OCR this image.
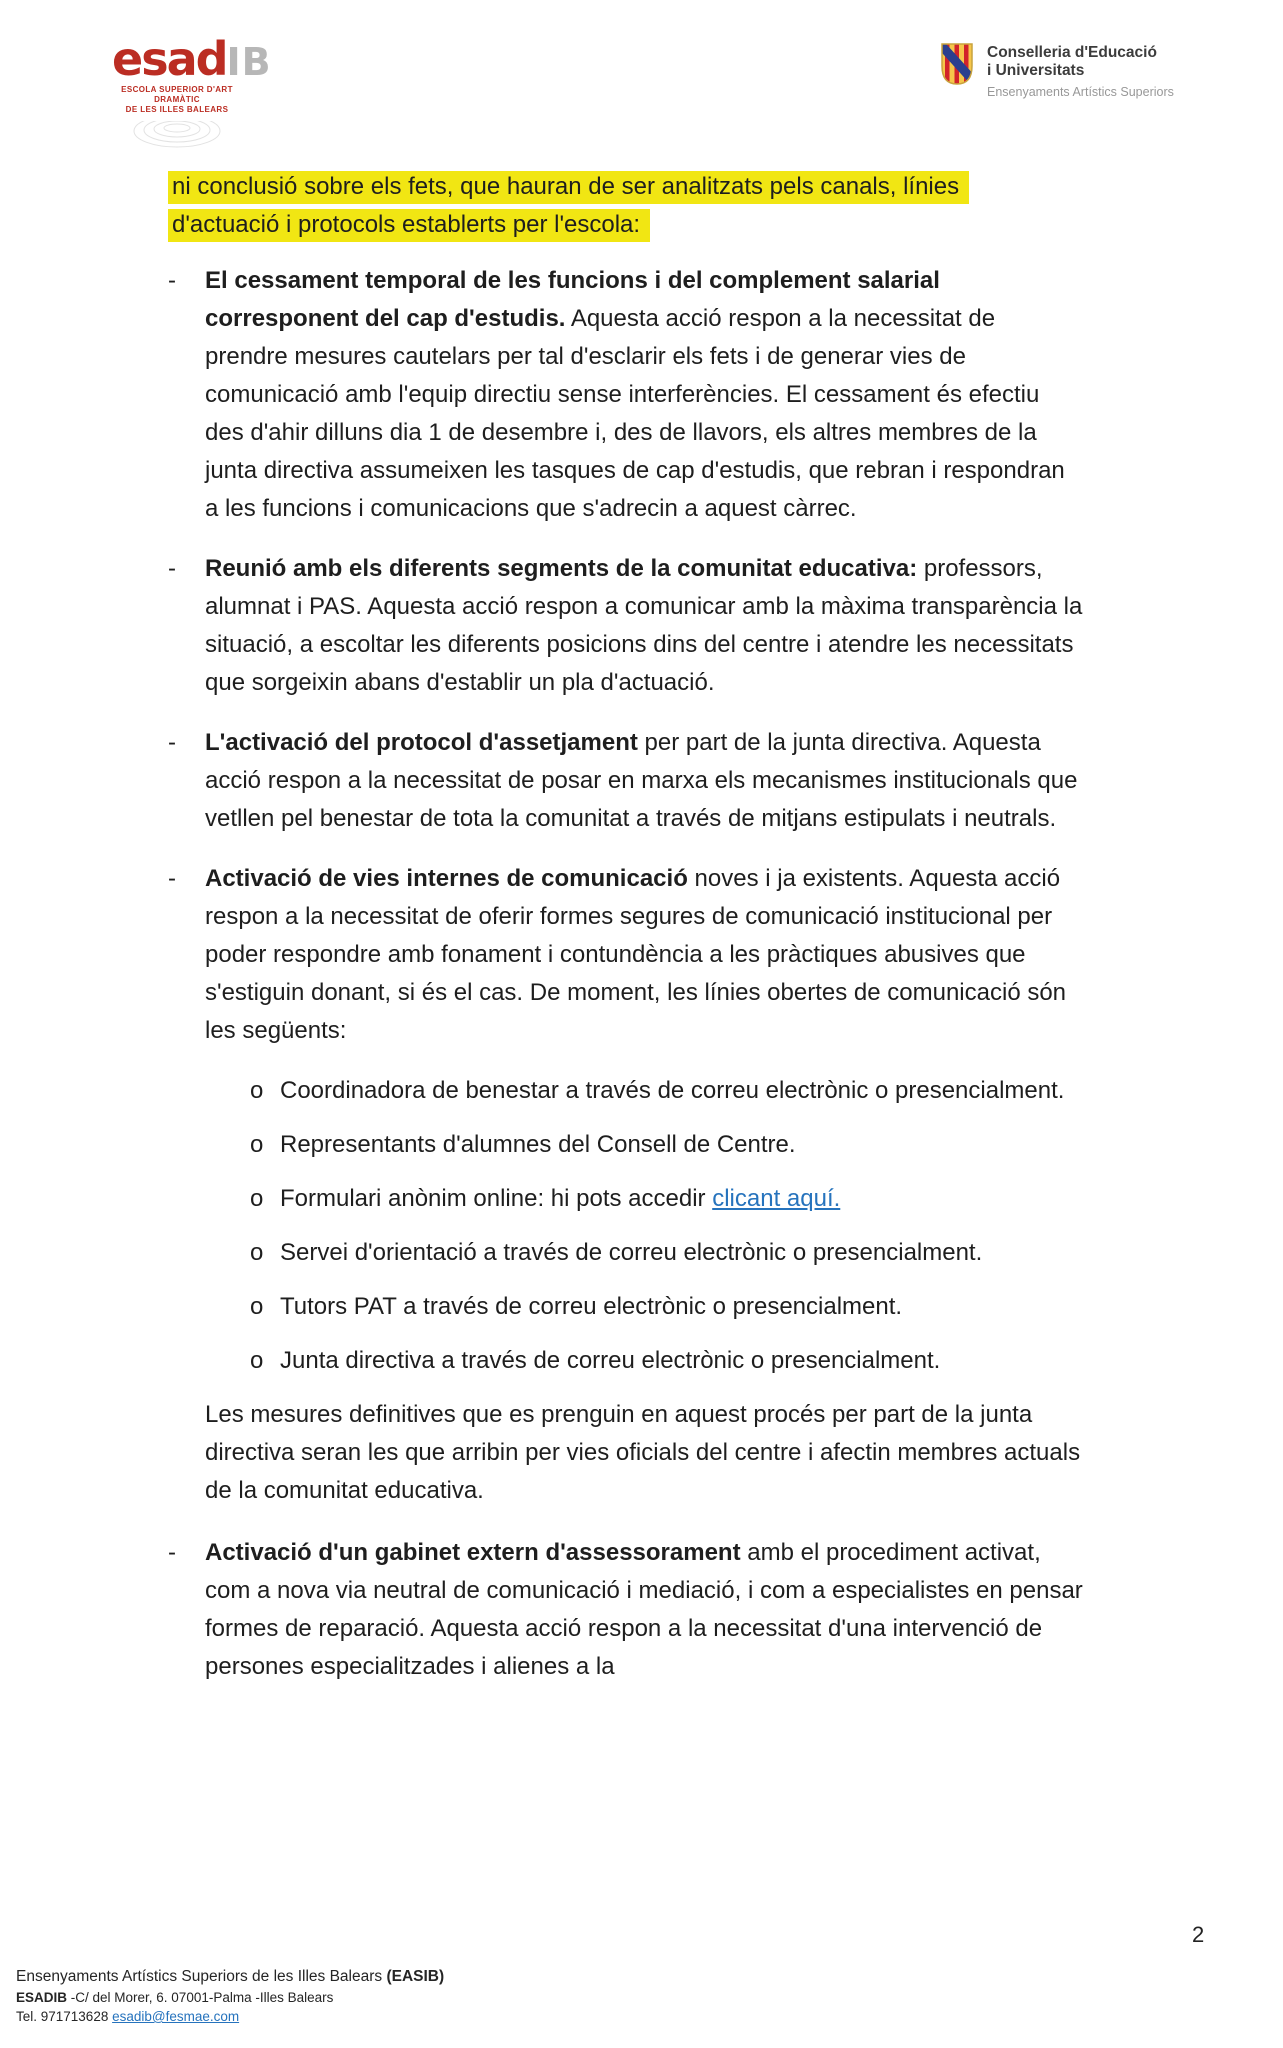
esadIB
ESCOLA SUPERIOR D'ART DRAMÀTIC
DE LES ILLES BALEARS
Conselleria d'Educació
i Universitats
Ensenyaments Artístics Superiors

ni conclusió sobre els fets, que hauran de ser analitzats pels canals, línies
d'actuació i protocols establerts per l'escola:

-	El cessament temporal de les funcions i del complement salarial corresponent del cap d'estudis. Aquesta acció respon a la necessitat de prendre mesures cautelars per tal d'esclarir els fets i de generar vies de comunicació amb l'equip directiu sense interferències. El cessament és efectiu des d'ahir dilluns dia 1 de desembre i, des de llavors, els altres membres de la junta directiva assumeixen les tasques de cap d'estudis, que rebran i respondran a les funcions i comunicacions que s'adrecin a aquest càrrec.

-	Reunió amb els diferents segments de la comunitat educativa: professors, alumnat i PAS. Aquesta acció respon a comunicar amb la màxima transparència la situació, a escoltar les diferents posicions dins del centre i atendre les necessitats que sorgeixin abans d'establir un pla d'actuació.

-	L'activació del protocol d'assetjament per part de la junta directiva. Aquesta acció respon a la necessitat de posar en marxa els mecanismes institucionals que vetllen pel benestar de tota la comunitat a través de mitjans estipulats i neutrals.

-	Activació de vies internes de comunicació noves i ja existents. Aquesta acció respon a la necessitat de oferir formes segures de comunicació institucional per poder respondre amb fonament i contundència a les pràctiques abusives que s'estiguin donant, si és el cas. De moment, les línies obertes de comunicació són les següents:

o Coordinadora de benestar a través de correu electrònic o presencialment.

o Representants d'alumnes del Consell de Centre.

o Formulari anònim online: hi pots accedir clicant aquí.

o Servei d'orientació a través de correu electrònic o presencialment.

o Tutors PAT a través de correu electrònic o presencialment.

o Junta directiva a través de correu electrònic o presencialment.

Les mesures definitives que es prenguin en aquest procés per part de la junta directiva seran les que arribin per vies oficials del centre i afectin membres actuals de la comunitat educativa.

-	Activació d'un gabinet extern d'assessorament amb el procediment activat, com a nova via neutral de comunicació i mediació, i com a especialistes en pensar formes de reparació. Aquesta acció respon a la necessitat d'una intervenció de persones especialitzades i alienes a la

2
Ensenyaments Artístics Superiors de les Illes Balears (EASIB)
ESADIB -C/ del Morer, 6. 07001-Palma -Illes Balears
Tel. 971713628 esadib@fesmae.com
